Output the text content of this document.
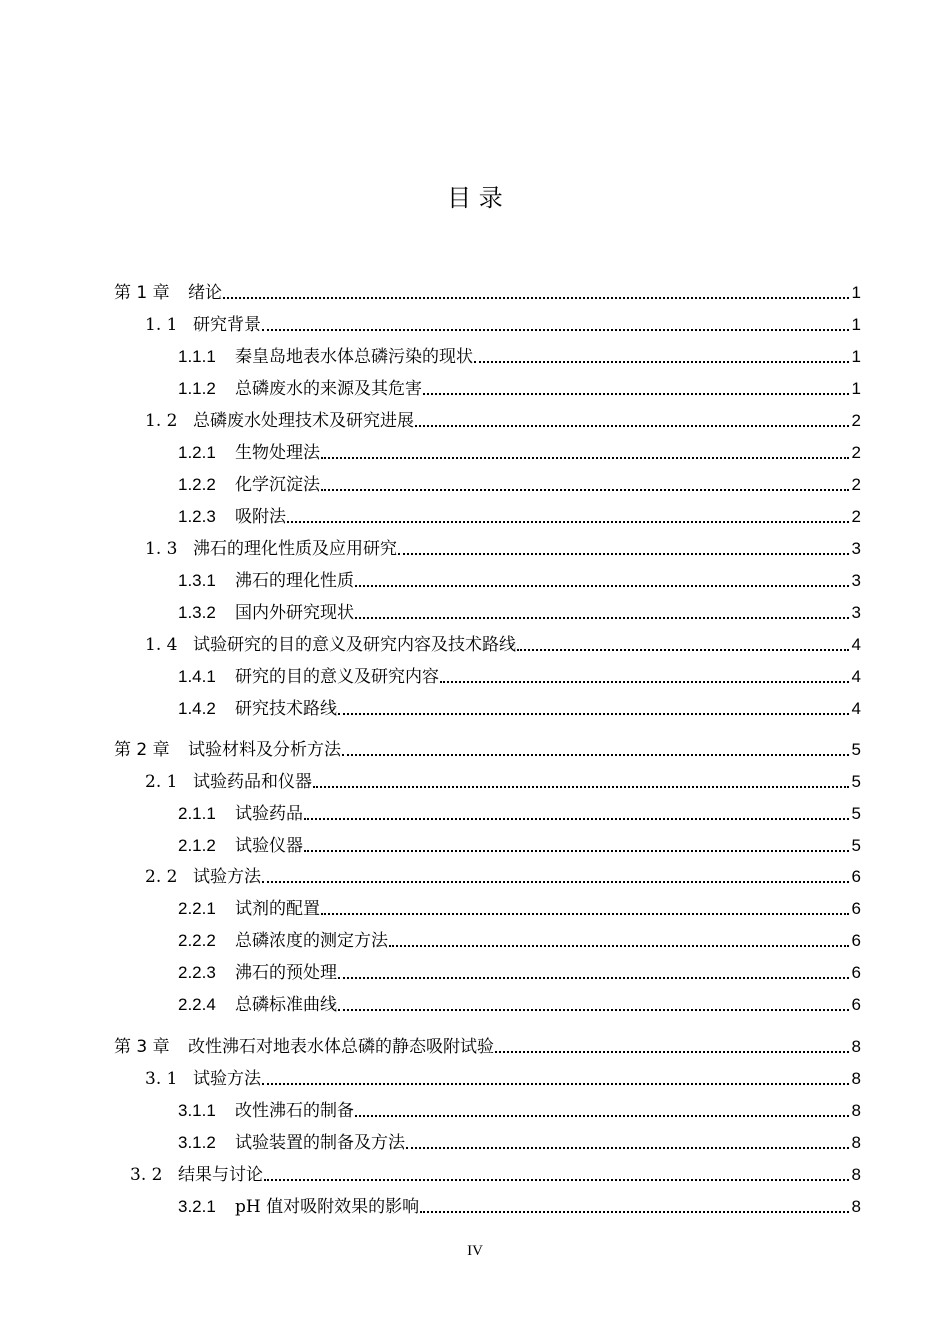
目 录
第 1 章	绪论	1
1. 1 研究背景	1
1.1.1	秦皇岛地表水体总磷污染的现状	1
1.1.2	总磷废水的来源及其危害	1
1. 2 总磷废水处理技术及研究进展	2
1.2.1	生物处理法	2
1.2.2	化学沉淀法	2
1.2.3	吸附法	2
1. 3 沸石的理化性质及应用研究	3
1.3.1	沸石的理化性质	3
1.3.2	国内外研究现状	3
1. 4 试验研究的目的意义及研究内容及技术路线	4
1.4.1	研究的目的意义及研究内容	4
1.4.2	研究技术路线	4
第 2 章	试验材料及分析方法	5
2. 1 试验药品和仪器	5
2.1.1	试验药品	5
2.1.2	试验仪器	5
2. 2 试验方法	6
2.2.1	试剂的配置	6
2.2.2	总磷浓度的测定方法	6
2.2.3	沸石的预处理	6
2.2.4	总磷标准曲线	6
第 3 章	改性沸石对地表水体总磷的静态吸附试验	8
3. 1 试验方法	8
3.1.1	改性沸石的制备	8
3.1.2	试验装置的制备及方法	8
3. 2 结果与讨论	8
3.2.1	pH 值对吸附效果的影响	8
IV
